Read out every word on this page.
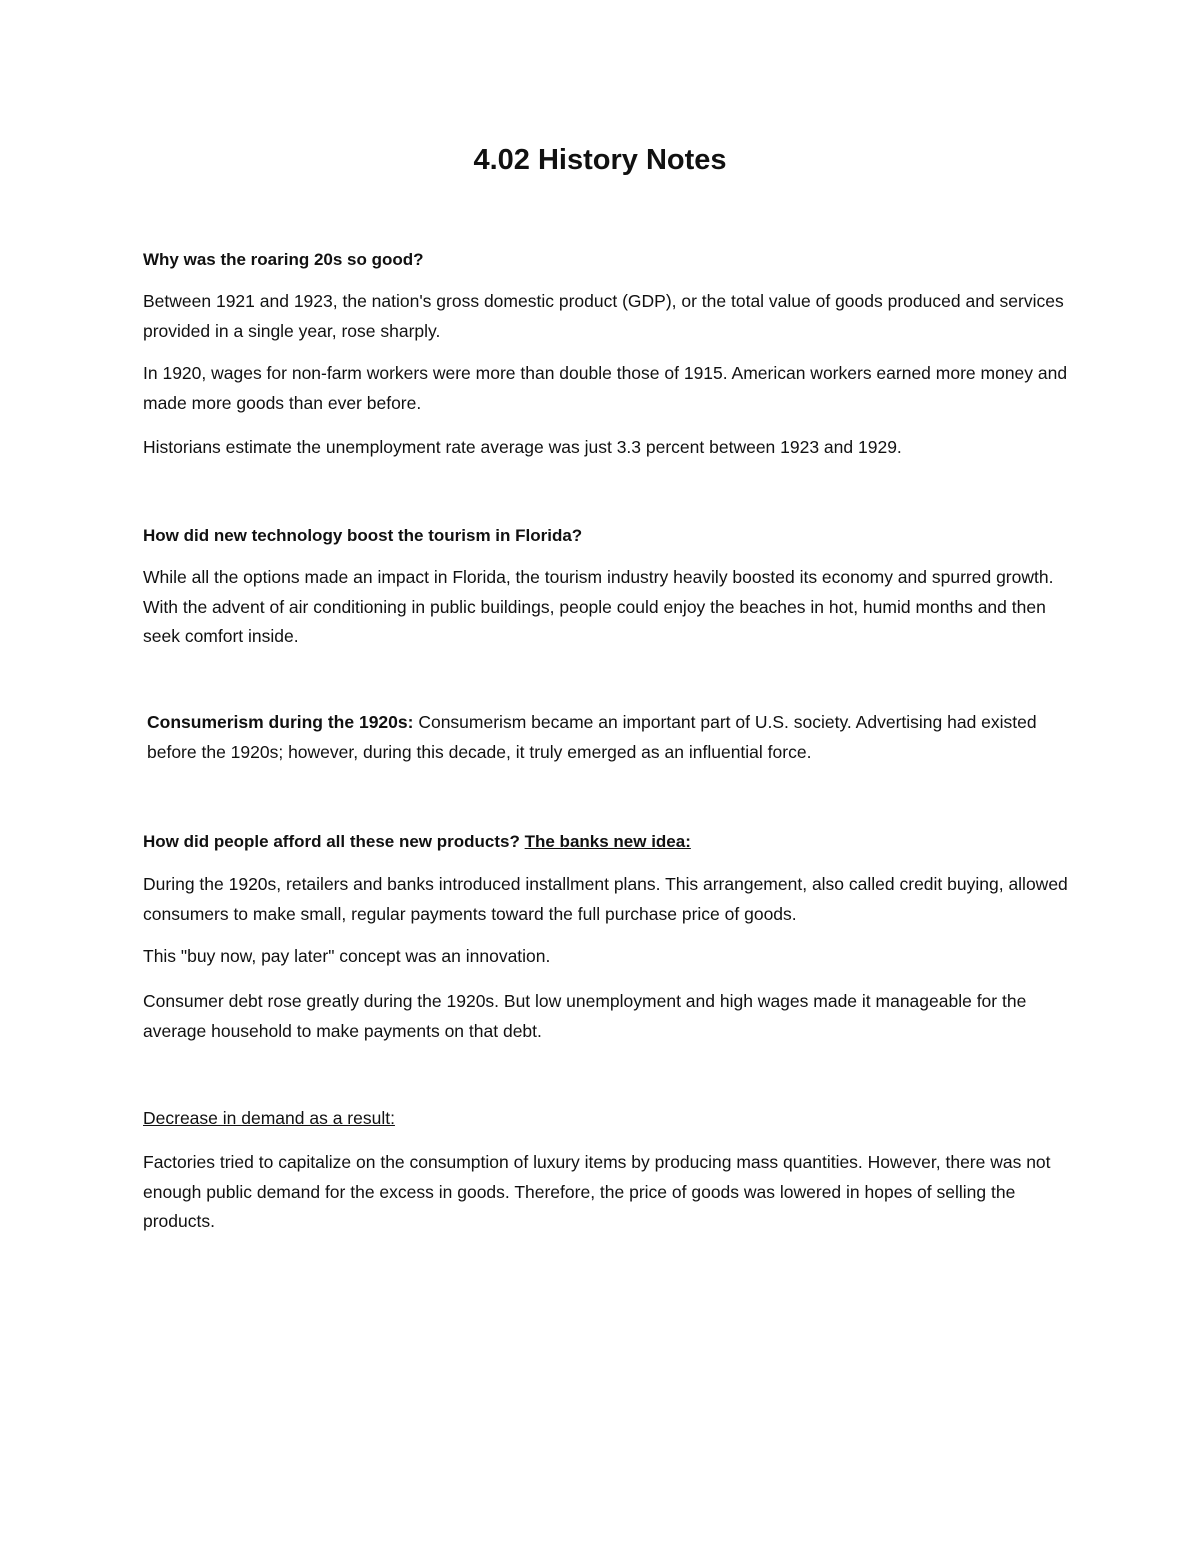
4.02 History Notes

Why was the roaring 20s so good?

Between 1921 and 1923, the nation's gross domestic product (GDP), or the total value of goods produced and services provided in a single year, rose sharply.

In 1920, wages for non-farm workers were more than double those of 1915. American workers earned more money and made more goods than ever before.

Historians estimate the unemployment rate average was just 3.3 percent between 1923 and 1929.

How did new technology boost the tourism in Florida?

While all the options made an impact in Florida, the tourism industry heavily boosted its economy and spurred growth. With the advent of air conditioning in public buildings, people could enjoy the beaches in hot, humid months and then seek comfort inside.

Consumerism during the 1920s: Consumerism became an important part of U.S. society. Advertising had existed before the 1920s; however, during this decade, it truly emerged as an influential force.

How did people afford all these new products? The banks new idea:

During the 1920s, retailers and banks introduced installment plans. This arrangement, also called credit buying, allowed consumers to make small, regular payments toward the full purchase price of goods.

This "buy now, pay later" concept was an innovation.

Consumer debt rose greatly during the 1920s. But low unemployment and high wages made it manageable for the average household to make payments on that debt.

Decrease in demand as a result:

Factories tried to capitalize on the consumption of luxury items by producing mass quantities. However, there was not enough public demand for the excess in goods. Therefore, the price of goods was lowered in hopes of selling the products.
